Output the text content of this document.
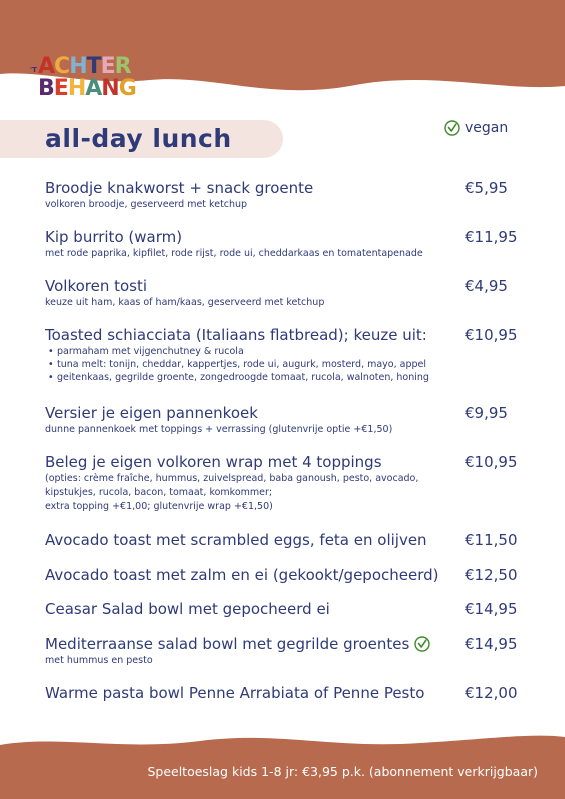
'T ACHTER
BEHANG
all-day lunch	vegan
Broodje knakworst + snack groente
volkoren broodje, geserveerd met ketchup
€5,95
Kip burrito (warm)
met rode paprika, kipfilet, rode rijst, rode ui, cheddarkaas en tomatentapenade
€11,95
Volkoren tosti
keuze uit ham, kaas of ham/kaas, geserveerd met ketchup
€4,95
Toasted schiacciata (Italiaans flatbread); keuze uit:
• parmaham met vijgenchutney & rucola
• tuna melt: tonijn, cheddar, kappertjes, rode ui, augurk, mosterd, mayo, appel
• geitenkaas, gegrilde groente, zongedroogde tomaat, rucola, walnoten, honing
€10,95
Versier je eigen pannenkoek
dunne pannenkoek met toppings + verrassing (glutenvrije optie +€1,50)
€9,95
Beleg je eigen volkoren wrap met 4 toppings
(opties: crème fraîche, hummus, zuivelspread, baba ganoush, pesto, avocado,
kipstukjes, rucola, bacon, tomaat, komkommer;
extra topping +€1,00; glutenvrije wrap +€1,50)
€10,95
Avocado toast met scrambled eggs, feta en olijven	€11,50
Avocado toast met zalm en ei (gekookt/gepocheerd)	€12,50
Ceasar Salad bowl met gepocheerd ei	€14,95
Mediterraanse salad bowl met gegrilde groentes
met hummus en pesto
€14,95
Warme pasta bowl Penne Arrabiata of Penne Pesto	€12,00
Speeltoeslag kids 1-8 jr: €3,95 p.k. (abonnement verkrijgbaar)
